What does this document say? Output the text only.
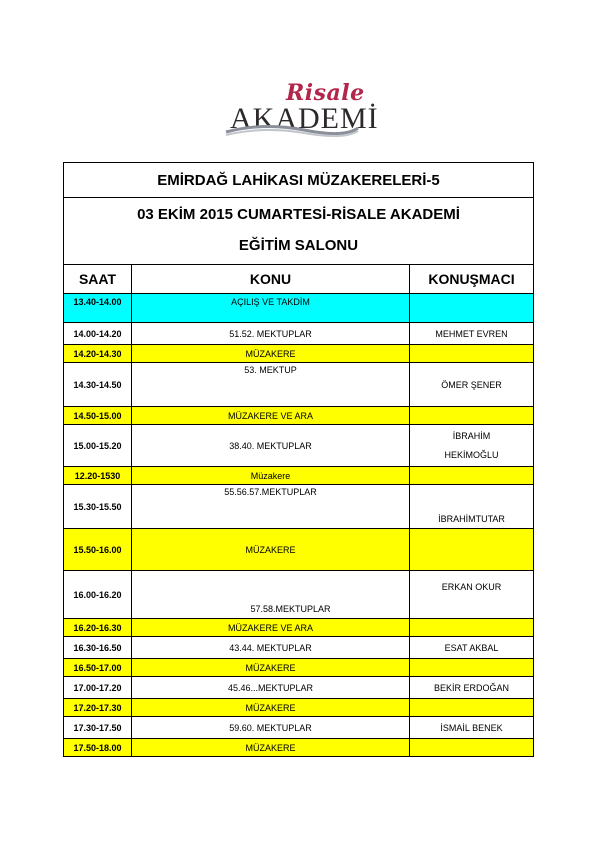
Risale
AKADEMİ
EMİRDAĞ LAHİKASI MÜZAKERELERİ-5		

03 EKİM 2015 CUMARTESİ-RİSALE AKADEMİ
EĞİTİM SALONU		

SAAT	KONU	KONUŞMACI
13.40-14.00	AÇILIŞ VE TAKDİM	
14.00-14.20	51.52. MEKTUPLAR	MEHMET EVREN
14.20-14.30	MÜZAKERE	
14.30-14.50	53. MEKTUP	ÖMER ŞENER
14.50-15.00	MÜZAKERE VE ARA	
15.00-15.20	38.40. MEKTUPLAR	İBRAHİM
HEKİMOĞLU

12.20-1530	Müzakere	
15.30-15.50	55.56.57.MEKTUPLAR	İBRAHİMTUTAR
15.50-16.00	MÜZAKERE	
16.00-16.20	57.58.MEKTUPLAR	ERKAN OKUR
16.20-16.30	MÜZAKERE VE ARA	
16.30-16.50	43.44. MEKTUPLAR	ESAT AKBAL
16.50-17.00	MÜZAKERE	
17.00-17.20	45.46...MEKTUPLAR	BEKİR ERDOĞAN
17.20-17.30	MÜZAKERE	
17.30-17.50	59.60. MEKTUPLAR	İSMAİL BENEK
17.50-18.00	MÜZAKERE	
